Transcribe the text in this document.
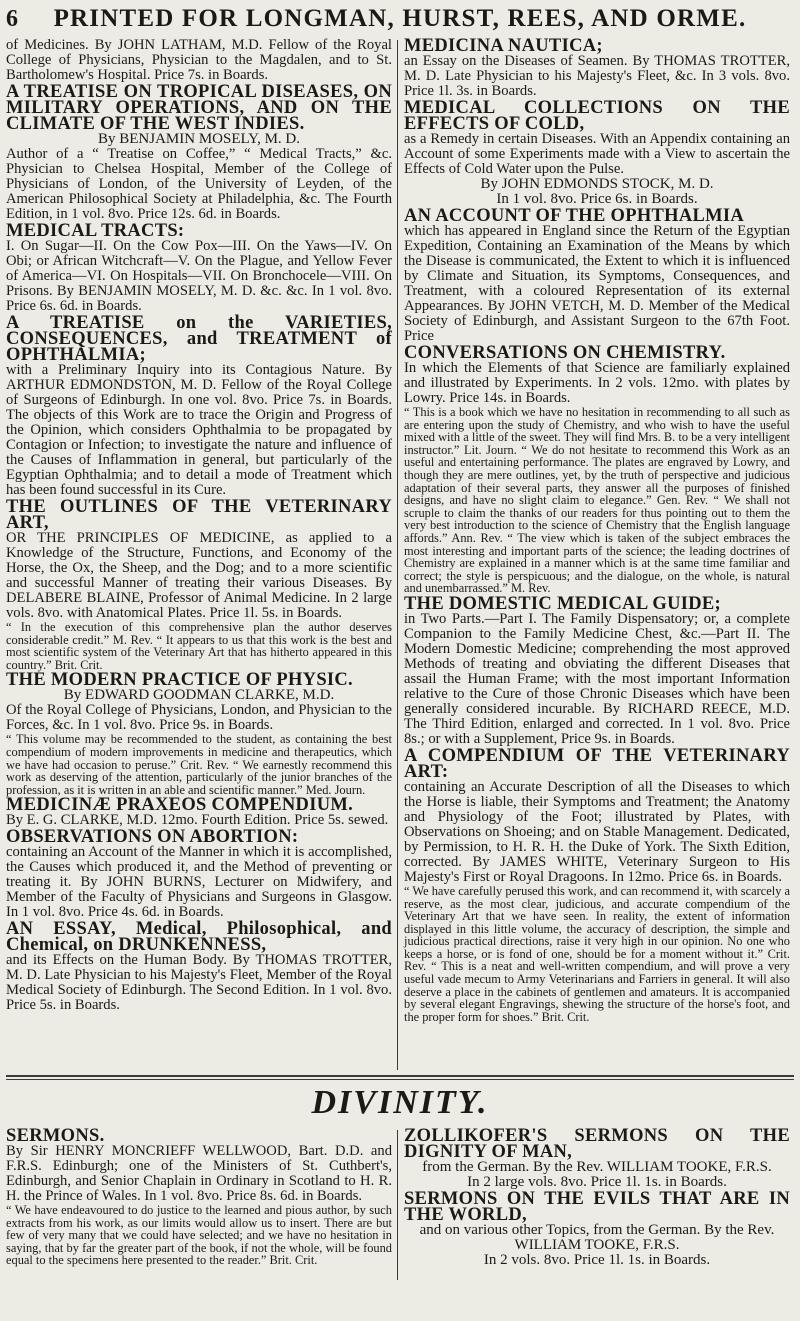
6	PRINTED FOR LONGMAN, HURST, REES, AND ORME.

of Medicines. By JOHN LATHAM, M.D. Fellow of the Royal College of Physicians, Physician to the Magdalen, and to St. Bartholomew's Hospital. Price 7s. in Boards.

A TREATISE ON TROPICAL DISEASES, ON MILITARY OPERATIONS, AND ON THE CLIMATE OF THE WEST INDIES.

By BENJAMIN MOSELY, M. D.

Author of a “ Treatise on Coffee,” “ Medical Tracts,” &c. Physician to Chelsea Hospital, Member of the College of Physicians of London, of the University of Leyden, of the American Philosophical Society at Philadelphia, &c. The Fourth Edition, in 1 vol. 8vo. Price 12s. 6d. in Boards.

MEDICAL TRACTS:

I. On Sugar—II. On the Cow Pox—III. On the Yaws—IV. On Obi; or African Witchcraft—V. On the Plague, and Yellow Fever of America—VI. On Hospitals—VII. On Bronchocele—VIII. On Prisons. By BENJAMIN MOSELY, M. D. &c. &c. In 1 vol. 8vo. Price 6s. 6d. in Boards.

A TREATISE on the VARIETIES, CONSEQUENCES, and TREATMENT of OPHTHALMIA;

with a Preliminary Inquiry into its Contagious Nature. By ARTHUR EDMONDSTON, M. D. Fellow of the Royal College of Surgeons of Edinburgh. In one vol. 8vo. Price 7s. in Boards. The objects of this Work are to trace the Origin and Progress of the Opinion, which considers Ophthalmia to be propagated by Contagion or Infection; to investigate the nature and influence of the Causes of Inflammation in general, but particularly of the Egyptian Ophthalmia; and to detail a mode of Treatment which has been found successful in its Cure.

THE OUTLINES OF THE VETERINARY ART,

OR THE PRINCIPLES OF MEDICINE, as applied to a Knowledge of the Structure, Functions, and Economy of the Horse, the Ox, the Sheep, and the Dog; and to a more scientific and successful Manner of treating their various Diseases. By DELABERE BLAINE, Professor of Animal Medicine. In 2 large vols. 8vo. with Anatomical Plates. Price 1l. 5s. in Boards.

“ In the execution of this comprehensive plan the author deserves considerable credit.” M. Rev. “ It appears to us that this work is the best and most scientific system of the Veterinary Art that has hitherto appeared in this country.” Brit. Crit.

THE MODERN PRACTICE OF PHYSIC.

By EDWARD GOODMAN CLARKE, M.D.

Of the Royal College of Physicians, London, and Physician to the Forces, &c. In 1 vol. 8vo. Price 9s. in Boards.

“ This volume may be recommended to the student, as containing the best compendium of modern improvements in medicine and therapeutics, which we have had occasion to peruse.” Crit. Rev. “ We earnestly recommend this work as deserving of the attention, particularly of the junior branches of the profession, as it is written in an able and scientific manner.” Med. Journ.

MEDICINÆ PRAXEOS COMPENDIUM.

By E. G. CLARKE, M.D. 12mo. Fourth Edition. Price 5s. sewed.

OBSERVATIONS ON ABORTION:

containing an Account of the Manner in which it is accomplished, the Causes which produced it, and the Method of preventing or treating it. By JOHN BURNS, Lecturer on Midwifery, and Member of the Faculty of Physicians and Surgeons in Glasgow. In 1 vol. 8vo. Price 4s. 6d. in Boards.

AN ESSAY, Medical, Philosophical, and Chemical, on DRUNKENNESS,

and its Effects on the Human Body. By THOMAS TROTTER, M. D. Late Physician to his Majesty's Fleet, Member of the Royal Medical Society of Edinburgh. The Second Edition. In 1 vol. 8vo. Price 5s. in Boards.

MEDICINA NAUTICA;

an Essay on the Diseases of Seamen. By THOMAS TROTTER, M. D. Late Physician to his Majesty's Fleet, &c. In 3 vols. 8vo. Price 1l. 3s. in Boards.

MEDICAL COLLECTIONS ON THE EFFECTS OF COLD,

as a Remedy in certain Diseases. With an Appendix containing an Account of some Experiments made with a View to ascertain the Effects of Cold Water upon the Pulse.

By JOHN EDMONDS STOCK, M. D.

In 1 vol. 8vo. Price 6s. in Boards.

AN ACCOUNT OF THE OPHTHALMIA

which has appeared in England since the Return of the Egyptian Expedition, Containing an Examination of the Means by which the Disease is communicated, the Extent to which it is influenced by Climate and Situation, its Symptoms, Consequences, and Treatment, with a coloured Representation of its external Appearances. By JOHN VETCH, M. D. Member of the Medical Society of Edinburgh, and Assistant Surgeon to the 67th Foot. Price

CONVERSATIONS ON CHEMISTRY.

In which the Elements of that Science are familiarly explained and illustrated by Experiments. In 2 vols. 12mo. with plates by Lowry. Price 14s. in Boards.

“ This is a book which we have no hesitation in recommending to all such as are entering upon the study of Chemistry, and who wish to have the useful mixed with a little of the sweet. They will find Mrs. B. to be a very intelligent instructor.” Lit. Journ. “ We do not hesitate to recommend this Work as an useful and entertaining performance. The plates are engraved by Lowry, and though they are mere outlines, yet, by the truth of perspective and judicious adaptation of their several parts, they answer all the purposes of finished designs, and have no slight claim to elegance.” Gen. Rev. “ We shall not scruple to claim the thanks of our readers for thus pointing out to them the very best introduction to the science of Chemistry that the English language affords.” Ann. Rev. “ The view which is taken of the subject embraces the most interesting and important parts of the science; the leading doctrines of Chemistry are explained in a manner which is at the same time familiar and correct; the style is perspicuous; and the dialogue, on the whole, is natural and unembarrassed.” M. Rev.

THE DOMESTIC MEDICAL GUIDE;

in Two Parts.—Part I. The Family Dispensatory; or, a complete Companion to the Family Medicine Chest, &c.—Part II. The Modern Domestic Medicine; comprehending the most approved Methods of treating and obviating the different Diseases that assail the Human Frame; with the most important Information relative to the Cure of those Chronic Diseases which have been generally considered incurable. By RICHARD REECE, M.D. The Third Edition, enlarged and corrected. In 1 vol. 8vo. Price 8s.; or with a Supplement, Price 9s. in Boards.

A COMPENDIUM OF THE VETERINARY ART:

containing an Accurate Description of all the Diseases to which the Horse is liable, their Symptoms and Treatment; the Anatomy and Physiology of the Foot; illustrated by Plates, with Observations on Shoeing; and on Stable Management. Dedicated, by Permission, to H. R. H. the Duke of York. The Sixth Edition, corrected. By JAMES WHITE, Veterinary Surgeon to His Majesty's First or Royal Dragoons. In 12mo. Price 6s. in Boards.

“ We have carefully perused this work, and can recommend it, with scarcely a reserve, as the most clear, judicious, and accurate compendium of the Veterinary Art that we have seen. In reality, the extent of information displayed in this little volume, the accuracy of description, the simple and judicious practical directions, raise it very high in our opinion. No one who keeps a horse, or is fond of one, should be for a moment without it.” Crit. Rev. “ This is a neat and well-written compendium, and will prove a very useful vade mecum to Army Veterinarians and Farriers in general. It will also deserve a place in the cabinets of gentlemen and amateurs. It is accompanied by several elegant Engravings, shewing the structure of the horse's foot, and the proper form for shoes.” Brit. Crit.

DIVINITY.

SERMONS.

By Sir HENRY MONCRIEFF WELLWOOD, Bart. D.D. and F.R.S. Edinburgh; one of the Ministers of St. Cuthbert's, Edinburgh, and Senior Chaplain in Ordinary in Scotland to H. R. H. the Prince of Wales. In 1 vol. 8vo. Price 8s. 6d. in Boards.

“ We have endeavoured to do justice to the learned and pious author, by such extracts from his work, as our limits would allow us to insert. There are but few of very many that we could have selected; and we have no hesitation in saying, that by far the greater part of the book, if not the whole, will be found equal to the specimens here presented to the reader.” Brit. Crit.

ZOLLIKOFER'S SERMONS ON THE DIGNITY OF MAN,

from the German. By the Rev. WILLIAM TOOKE, F.R.S.

In 2 large vols. 8vo. Price 1l. 1s. in Boards.

SERMONS ON THE EVILS THAT ARE IN THE WORLD,

and on various other Topics, from the German. By the Rev. WILLIAM TOOKE, F.R.S.

In 2 vols. 8vo. Price 1l. 1s. in Boards.
